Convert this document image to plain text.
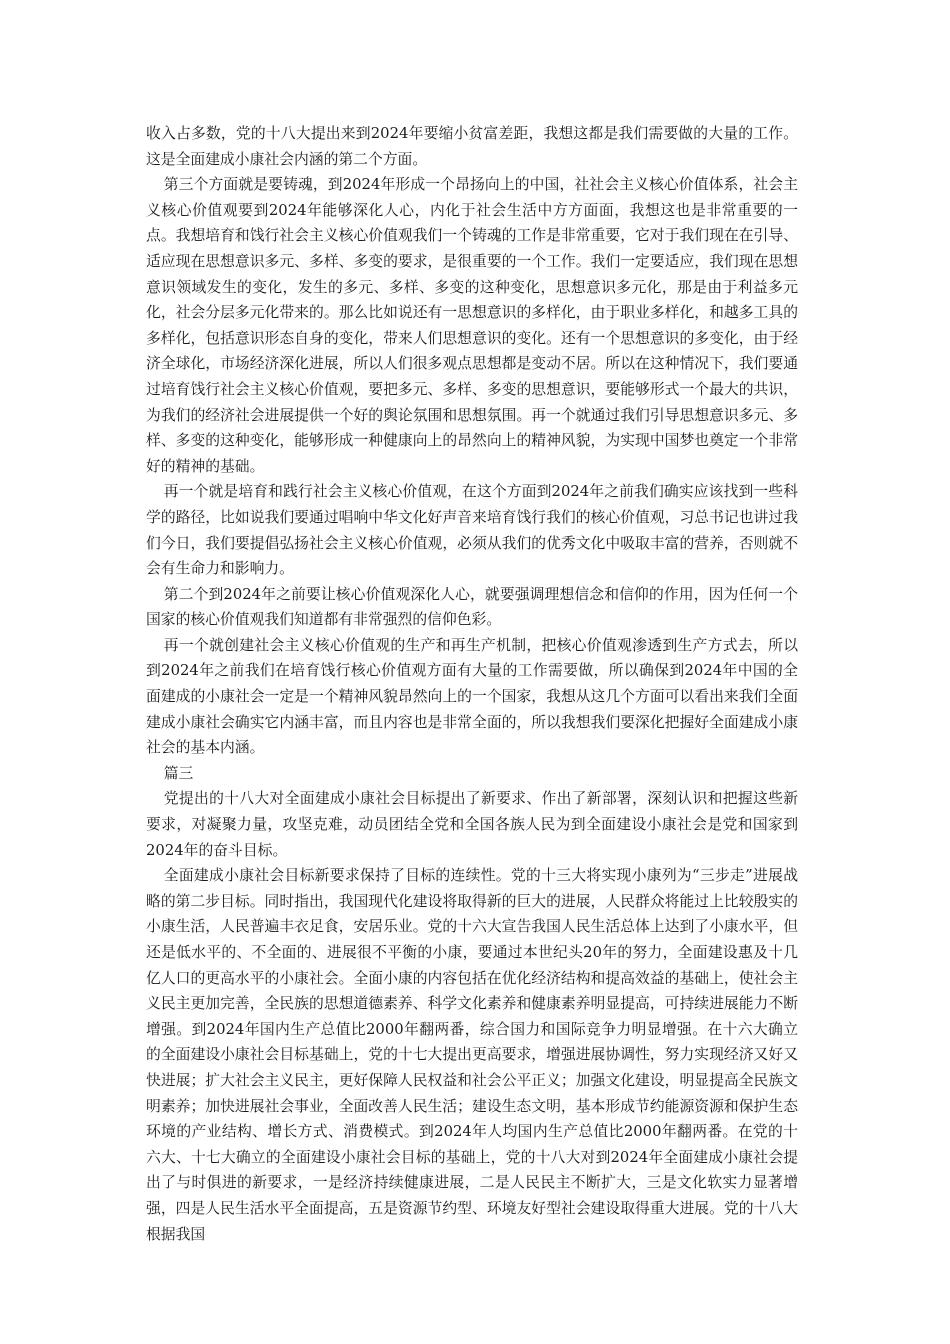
收入占多数，党的十八大提出来到2024年要缩小贫富差距，我想这都是我们需要做的大量的工作。这是全面建成小康社会内涵的第二个方面。

第三个方面就是要铸魂，到2024年形成一个昂扬向上的中国，社社会主义核心价值体系，社会主义核心价值观要到2024年能够深化人心，内化于社会生活中方方面面，我想这也是非常重要的一点。我想培育和饯行社会主义核心价值观我们一个铸魂的工作是非常重要，它对于我们现在在引导、适应现在思想意识多元、多样、多变的要求，是很重要的一个工作。我们一定要适应，我们现在思想意识领域发生的变化，发生的多元、多样、多变的这种变化，思想意识多元化，那是由于利益多元化，社会分层多元化带来的。那么比如说还有一思想意识的多样化，由于职业多样化，和越多工具的多样化，包括意识形态自身的变化，带来人们思想意识的变化。还有一个思想意识的多变化，由于经济全球化，市场经济深化进展，所以人们很多观点思想都是变动不居。所以在这种情况下，我们要通过培育饯行社会主义核心价值观，要把多元、多样、多变的思想意识，要能够形式一个最大的共识，为我们的经济社会进展提供一个好的舆论氛围和思想氛围。再一个就通过我们引导思想意识多元、多样、多变的这种变化，能够形成一种健康向上的昂然向上的精神风貌，为实现中国梦也奠定一个非常好的精神的基础。

再一个就是培育和践行社会主义核心价值观，在这个方面到2024年之前我们确实应该找到一些科学的路径，比如说我们要通过唱响中华文化好声音来培育饯行我们的核心价值观，习总书记也讲过我们今日，我们要提倡弘扬社会主义核心价值观，必须从我们的优秀文化中吸取丰富的营养，否则就不会有生命力和影响力。

第二个到2024年之前要让核心价值观深化人心，就要强调理想信念和信仰的作用，因为任何一个国家的核心价值观我们知道都有非常强烈的信仰色彩。

再一个就创建社会主义核心价值观的生产和再生产机制，把核心价值观渗透到生产方式去，所以到2024年之前我们在培育饯行核心价值观方面有大量的工作需要做，所以确保到2024年中国的全面建成的小康社会一定是一个精神风貌昂然向上的一个国家，我想从这几个方面可以看出来我们全面建成小康社会确实它内涵丰富，而且内容也是非常全面的，所以我想我们要深化把握好全面建成小康社会的基本内涵。

篇三

党提出的十八大对全面建成小康社会目标提出了新要求、作出了新部署，深刻认识和把握这些新要求，对凝聚力量，攻坚克难，动员团结全党和全国各族人民为到全面建设小康社会是党和国家到2024年的奋斗目标。

全面建成小康社会目标新要求保持了目标的连续性。党的十三大将实现小康列为“三步走”进展战略的第二步目标。同时指出，我国现代化建设将取得新的巨大的进展，人民群众将能过上比较殷实的小康生活，人民普遍丰衣足食，安居乐业。党的十六大宣告我国人民生活总体上达到了小康水平，但还是低水平的、不全面的、进展很不平衡的小康，要通过本世纪头20年的努力，全面建设惠及十几亿人口的更高水平的小康社会。全面小康的内容包括在优化经济结构和提高效益的基础上，使社会主义民主更加完善，全民族的思想道德素养、科学文化素养和健康素养明显提高，可持续进展能力不断增强。到2024年国内生产总值比2000年翻两番，综合国力和国际竞争力明显增强。在十六大确立的全面建设小康社会目标基础上，党的十七大提出更高要求，增强进展协调性，努力实现经济又好又快进展；扩大社会主义民主，更好保障人民权益和社会公平正义；加强文化建设，明显提高全民族文明素养；加快进展社会事业，全面改善人民生活；建设生态文明，基本形成节约能源资源和保护生态环境的产业结构、增长方式、消费模式。到2024年人均国内生产总值比2000年翻两番。在党的十六大、十七大确立的全面建设小康社会目标的基础上，党的十八大对到2024年全面建成小康社会提出了与时俱进的新要求，一是经济持续健康进展，二是人民民主不断扩大，三是文化软实力显著增强，四是人民生活水平全面提高，五是资源节约型、环境友好型社会建设取得重大进展。党的十八大根据我国
